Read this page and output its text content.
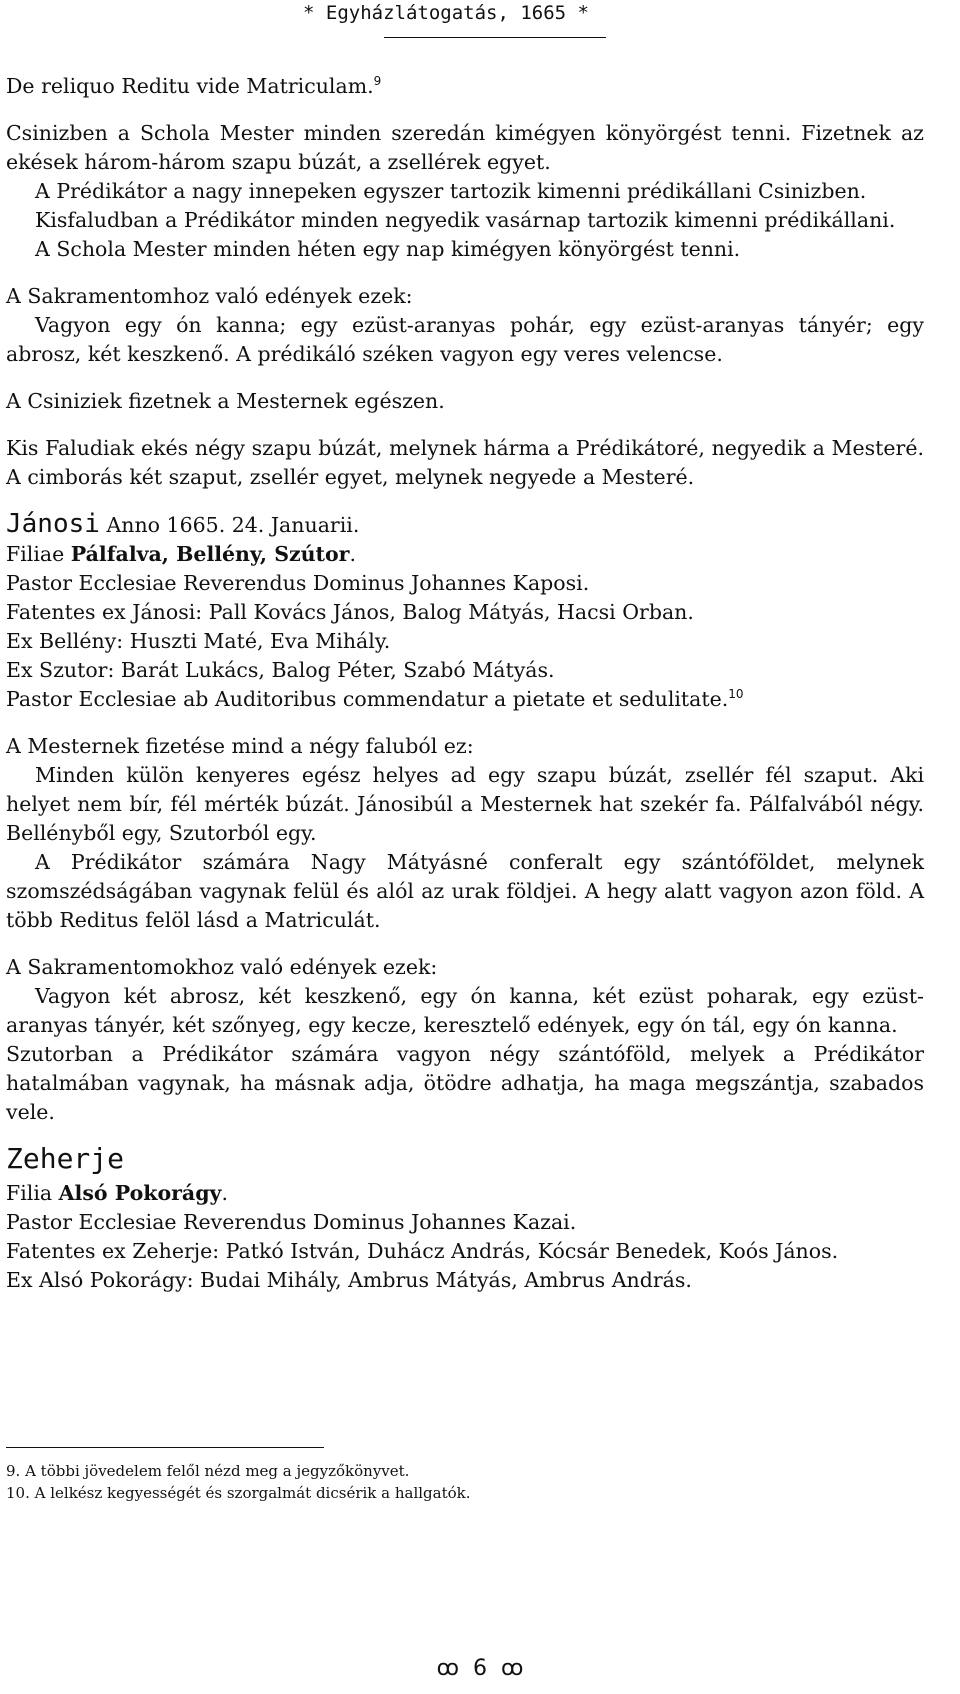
* Egyházlátogatás, 1665 *

De reliquo Reditu vide Matriculam.$^9$

Csinizben a Schola Mester minden szeredán kimégyen könyörgést tenni. Fizetnek az ekések három-három szapu búzát, a zsellérek egyet.

A Prédikátor a nagy innepeken egyszer tartozik kimenni prédikállani Csinizben.

Kisfaludban a Prédikátor minden negyedik vasárnap tartozik kimenni prédikállani.

A Schola Mester minden héten egy nap kimégyen könyörgést tenni.

A Sakramentomhoz való edények ezek:

Vagyon egy ón kanna; egy ezüst-aranyas pohár, egy ezüst-aranyas tányér; egy abrosz, két keszkenő. A prédikáló széken vagyon egy veres velencse.

A Csiniziek fizetnek a Mesternek egészen.

Kis Faludiak ekés négy szapu búzát, melynek hárma a Prédikátoré, negyedik a Mesteré. A cimborás két szaput, zsellér egyet, melynek negyede a Mesteré.

Jánosi Anno 1665. 24. Januarii.

Filiae Pálfalva, Bellény, Szútor.

Pastor Ecclesiae Reverendus Dominus Johannes Kaposi.

Fatentes ex Jánosi: Pall Kovács János, Balog Mátyás, Hacsi Orban.

Ex Bellény: Huszti Maté, Eva Mihály.

Ex Szutor: Barát Lukács, Balog Péter, Szabó Mátyás.

Pastor Ecclesiae ab Auditoribus commendatur a pietate et sedulitate.$^{10}$

A Mesternek fizetése mind a négy faluból ez:

Minden külön kenyeres egész helyes ad egy szapu búzát, zsellér fél szaput. Aki helyet nem bír, fél mérték búzát. Jánosibúl a Mesternek hat szekér fa. Pálfalvából négy. Bellényből egy, Szutorból egy.

A Prédikátor számára Nagy Mátyásné conferalt egy szántóföldet, melynek szomszédságában vagynak felül és alól az urak földjei. A hegy alatt vagyon azon föld. A több Reditus felöl lásd a Matriculát.

A Sakramentomokhoz való edények ezek:

Vagyon két abrosz, két keszkenő, egy ón kanna, két ezüst poharak, egy ezüst-aranyas tányér, két szőnyeg, egy kecze, keresztelő edények, egy ón tál, egy ón kanna.

Szutorban a Prédikátor számára vagyon négy szántóföld, melyek a Prédikátor hatalmában vagynak, ha másnak adja, ötödre adhatja, ha maga megszántja, szabados vele.

Zeherje

Filia Alsó Pokorágy.

Pastor Ecclesiae Reverendus Dominus Johannes Kazai.

Fatentes ex Zeherje: Patkó István, Duhácz András, Kócsár Benedek, Koós János.

Ex Alsó Pokorágy: Budai Mihály, Ambrus Mátyás, Ambrus András.

9. A többi jövedelem felől nézd meg a jegyzőkönyvet.
10. A lelkész kegyességét és szorgalmát dicsérik a hallgatók.
ꝏ 6 ꝏ
